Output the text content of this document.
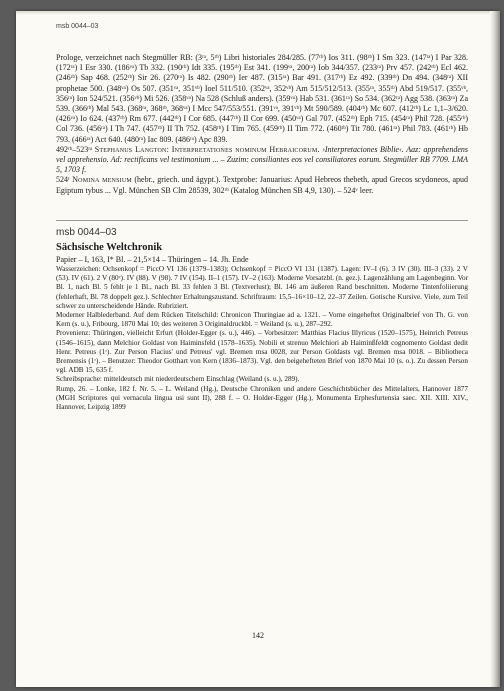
msb 0044–03

Prologe, verzeichnet nach Stegmüller RB: (3ʳᵃ, 5ʳᵇ) Libri historiales 284/285. (77ʳᵇ) Ios 311. (98ʳᵇ) I Sm 323. (147ʳᵃ) I Par 328. (172ʳᵃ) I Esr 330. (186ᵛᵃ) Tb 332. (190ʳᵇ) Idt 335. (195ʳᵇ) Est 341. (199ᵛᵃ, 200ʳᵃ) Iob 344/357. (233ʳᵃ) Prv 457. (242ʳᵇ) Ecl 462. (246ʳᵇ) Sap 468. (252ʳᵇ) Sir 26. (270ʳᵃ) Is 482. (290ʳᵇ) Ier 487. (315ʳᵃ) Bar 491. (317ʳᵇ) Ez 492. (339ʳᵇ) Dn 494. (348ʳᵃ) XII prophetae 500. (348ᵛᵃ) Os 507. (351ᵛᵃ, 351ᵛᵇ) Ioel 511/510. (352ᵛᵃ, 352ᵛᵇ) Am 515/512/513. (355ʳᵃ, 355ʳᵇ) Abd 519/517. (355ᵛᵇ, 356ʳᵃ) Ion 524/521. (356ᵛᵇ) Mi 526. (358ᵛᵃ) Na 528 (Schluß anders). (359ᵛᵃ) Hab 531. (361ʳᵃ) So 534. (362ʳᵃ) Agg 538. (363ʳᵃ) Za 539. (366ʳᵇ) Mal 543. (368ʳᵃ, 368ʳᵇ, 368ᵛᵃ) I Mcc 547/553/551. (391ᵛᵃ, 391ᵛᵇ) Mt 590/589. (404ʳᵇ) Mc 607. (412ʳᵇ) Lc 1,1–3/620. (426ᵛᵃ) Io 624. (437ʳᵇ) Rm 677. (442ʳᵇ) I Cor 685. (447ʳᵇ) II Cor 699. (450ᵛᵃ) Gal 707. (452ʳᵇ) Eph 715. (454ʳᵃ) Phil 728. (455ʳᵇ) Col 736. (456ʳᵃ) I Th 747. (457ʳᵇ) II Th 752. (458ʳᵇ) I Tim 765. (459ʳᵇ) II Tim 772. (460ʳᵇ) Tit 780. (461ʳᵃ) Phil 783. (461ʳᵇ) Hb 793. (466ʳᵃ) Act 640. (480ʳᵃ) Iac 809. (486ʳᵃ) Apc 839.

492ʳᵇ–523ʳᵃ Stephanus Langton: Interpretationes nominum Hebraicorum. ›Interpretaciones Biblie‹. Aaz: apprehendens vel apprehensio. Ad: rectificans vel testimonium ... – Zuzim: consiliantes eos vel consiliatores eorum. Stegmüller RB 7709. LMA 5, 1703 f.

524ʳ Nomina mensium (hebr., griech. und ägypt.). Textprobe: Januarius: Apud Hebreos thebeth, apud Grecos scydoneos, apud Egiptum tybus ... Vgl. München SB Clm 28539, 302ʳᵇ (Katalog München SB 4,9, 130). – 524ᵛ leer.

msb 0044–03
Sächsische Weltchronik

Papier – I, 163, I* Bl. – 21,5×14 – Thüringen – 14. Jh. Ende

Wasserzeichen: Ochsenkopf = PiccO VI 136 (1379–1383); Ochsenkopf = PiccO VI 131 (1387). Lagen: IV–I (6). 3 IV (30). III–3 (33). 2 V (53). IV (61). 2 V (80ᵛ). IV (88). V (98). 7 IV (154). II–1 (157). IV–2 (163). Moderne Vorsatzbl. (n. gez.). Lagenzählung am Lagenbeginn. Vor Bl. 1, nach Bl. 5 fehlt je 1 Bl., nach Bl. 33 fehlen 3 Bl. (Textverlust); Bl. 146 am äußeren Rand beschnitten. Moderne Tintenfoliierung (fehlerhaft, Bl. 78 doppelt gez.). Schlechter Erhaltungszustand. Schriftraum: 15,5–16×10–12, 22–37 Zeilen. Gotische Kursive. Viele, zum Teil schwer zu unterscheidende Hände. Rubriziert.

Moderner Halblederband. Auf dem Rücken Titelschild: Chronicon Thuringiae ad a. 1321. – Vorne eingeheftet Originalbrief von Th. G. von Kern (s. u.), Fribourg, 1870 Mai 10; des weiteren 3 Originaldruckbl. = Weiland (s. u.), 287–292.

Provenienz: Thüringen, vielleicht Erfurt (Holder-Egger (s. u.), 446). – Vorbesitzer: Matthias Flacius Illyricus (1520–1575), Heinrich Petreus (1546–1615), dann Melchior Goldast von Haiminsfeld (1578–1635). Nobili et strenuo Melchiori ab Haiminßfeldt cognomento Goldast dedit Henr. Petreus (1ʳ). Zur Person Flacius' und Petreus' vgl. Bremen msa 0028, zur Person Goldasts vgl. Bremen msa 0018. – Bibliotheca Bremensis (1ʳ). – Benutzer: Theodor Gotthart von Kern (1836–1873). Vgl. den beigehefteten Brief von 1870 Mai 10 (s. o.). Zu dessen Person vgl. ADB 15, 635 f.

Schreibsprache: mitteldeutsch mit niederdeutschem Einschlag (Weiland (s. u.), 289).

Rump, 26. – Lonke, 182 f. Nr. 5. – L. Weiland (Hg.), Deutsche Chroniken und andere Geschichtsbücher des Mittelalters, Hannover 1877 (MGH Scriptores qui vernacula lingua usi sunt II), 288 f. – O. Holder-Egger (Hg.), Monumenta Erphesfurtensia saec. XII. XIII. XIV., Hannover, Leipzig 1899

142
